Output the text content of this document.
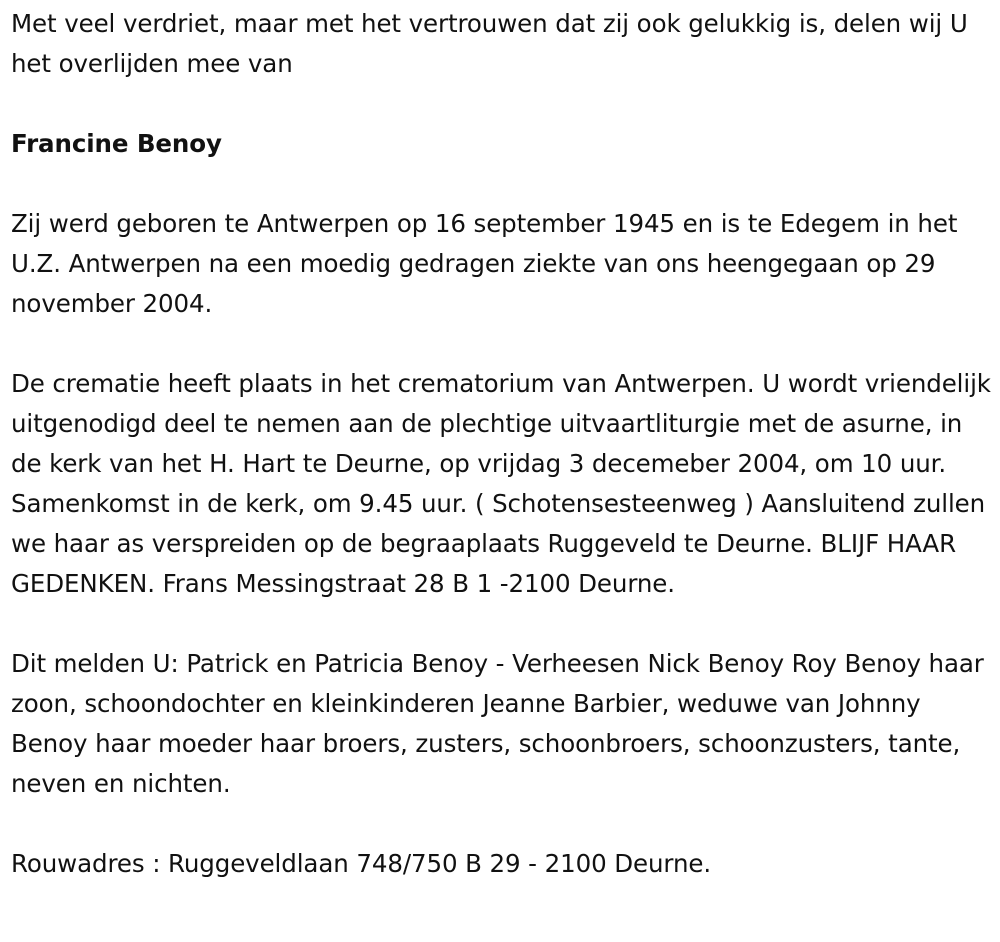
Met veel verdriet, maar met het vertrouwen dat zij ook gelukkig is, delen wij U het overlijden mee van

Francine Benoy

Zij werd geboren te Antwerpen op 16 september 1945 en is te Edegem in het U.Z. Antwerpen na een moedig gedragen ziekte van ons heengegaan op 29 november 2004.

De crematie heeft plaats in het crematorium van Antwerpen. U wordt vriendelijk uitgenodigd deel te nemen aan de plechtige uitvaartliturgie met de asurne, in de kerk van het H. Hart te Deurne, op vrijdag 3 decemeber 2004, om 10 uur. Samenkomst in de kerk, om 9.45 uur. ( Schotensesteenweg ) Aansluitend zullen we haar as verspreiden op de begraaplaats Ruggeveld te Deurne. BLIJF HAAR GEDENKEN. Frans Messingstraat 28 B 1 -2100 Deurne.

Dit melden U: Patrick en Patricia Benoy - Verheesen Nick Benoy Roy Benoy haar zoon, schoondochter en kleinkinderen Jeanne Barbier, weduwe van Johnny Benoy haar moeder haar broers, zusters, schoonbroers, schoonzusters, tante, neven en nichten.

Rouwadres : Ruggeveldlaan 748/750 B 29 - 2100 Deurne.
